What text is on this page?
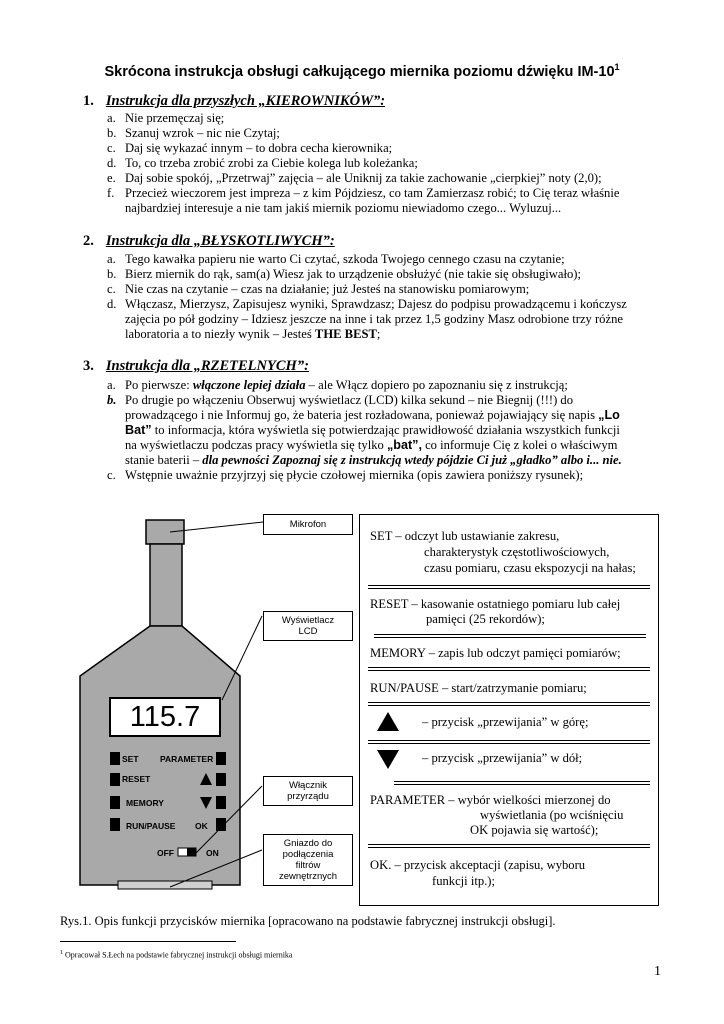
Skrócona instrukcja obsługi całkującego miernika poziomu dźwięku $IM-10^1$
1. Instrukcja dla przyszłych „KIEROWNIKÓW”:
a. Nie przemęczaj się;
b. Szanuj wzrok – nic nie Czytaj;
c. Daj się wykazać innym – to dobra cecha kierownika;
d. To, co trzeba zrobić zrobi za Ciebie kolega lub koleżanka;
e. Daj sobie spokój, „Przetrwaj” zajęcia – ale Uniknij za takie zachowanie „cierpkiej” noty (2,0);
f. Przecież wieczorem jest impreza – z kim Pójdziesz, co tam Zamierzasz robić; to Cię teraz właśnie
najbardziej interesuje a nie tam jakiś miernik poziomu niewiadomo czego... Wyluzuj...
2. Instrukcja dla „BŁYSKOTLIWYCH”:
a. Tego kawałka papieru nie warto Ci czytać, szkoda Twojego cennego czasu na czytanie;
b. Bierz miernik do rąk, sam(a) Wiesz jak to urządzenie obsłużyć (nie takie się obsługiwało);
c. Nie czas na czytanie – czas na działanie; już Jesteś na stanowisku pomiarowym;
d. Włączasz, Mierzysz, Zapisujesz wyniki, Sprawdzasz; Dajesz do podpisu prowadzącemu i kończysz
zajęcia po pół godziny – Idziesz jeszcze na inne i tak przez 1,5 godziny Masz odrobione trzy różne
laboratoria a to niezły wynik – Jesteś THE BEST;
3. Instrukcja dla „RZETELNYCH”:
a. Po pierwsze: włączone lepiej działa – ale Włącz dopiero po zapoznaniu się z instrukcją;
b. Po drugie po włączeniu Obserwuj wyświetlacz (LCD) kilka sekund – nie Biegnij (!!!) do
prowadzącego i nie Informuj go, że bateria jest rozładowana, ponieważ pojawiający się napis „Lo
Bat” to informacja, która wyświetla się potwierdzając prawidłowość działania wszystkich funkcji
na wyświetlaczu podczas pracy wyświetla się tylko „bat”, co informuje Cię z kolei o właściwym
stanie baterii – dla pewności Zapoznaj się z instrukcją wtedy pójdzie Ci już „gładko” albo i... nie.
c. Wstępnie uważnie przyjrzyj się płycie czołowej miernika (opis zawiera poniższy rysunek);
115.7
SET	PARAMETER
RESET
MEMORY
RUN/PAUSE OK
OFF	ON
Mikrofon
Wyświetlacz
LCD
Włącznik
przyrządu
Gniazdo do
podłączenia
filtrów
zewnętrznych
SET – odczyt lub ustawianie zakresu,
charakterystyk częstotliwościowych,
czasu pomiaru, czasu ekspozycji na hałas;
RESET – kasowanie ostatniego pomiaru lub całej
pamięci (25 rekordów);
MEMORY – zapis lub odczyt pamięci pomiarów;
RUN/PAUSE – start/zatrzymanie pomiaru;
– przycisk „przewijania” w górę;
– przycisk „przewijania” w dół;
PARAMETER – wybór wielkości mierzonej do
wyświetlania (po wciśnięciu
OK pojawia się wartość);
OK. – przycisk akceptacji (zapisu, wyboru
funkcji itp.);
Rys.1. Opis funkcji przycisków miernika [opracowano na podstawie fabrycznej instrukcji obsługi].
$^1$ Opracował S.Łech na podstawie fabrycznej instrukcji obsługi miernika
1
